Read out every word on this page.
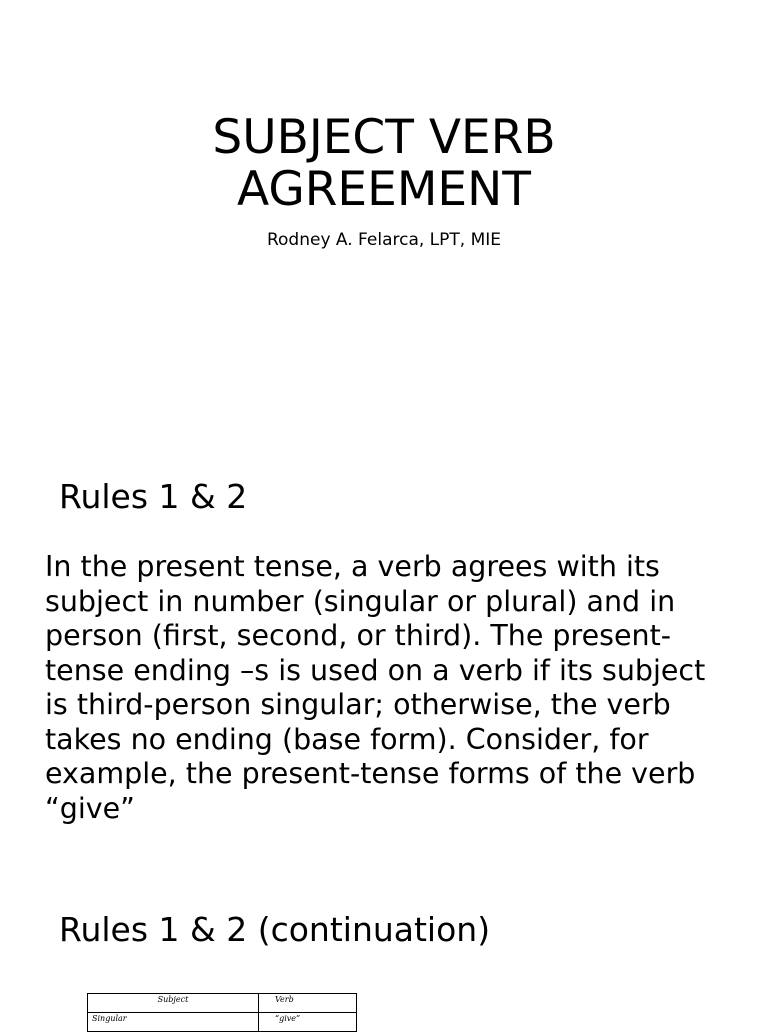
SUBJECT VERB
AGREEMENT

Rodney A. Felarca, LPT, MIE

Rules 1 & 2

In the present tense, a verb agrees with its subject in number (singular or plural) and in person (first, second, or third). The present-tense ending –s is used on a verb if its subject is third-person singular; otherwise, the verb takes no ending (base form). Consider, for example, the present-tense forms of the verb “give”

Rules 1 & 2 (continuation)
Subject	Verb
Singular	“give”
